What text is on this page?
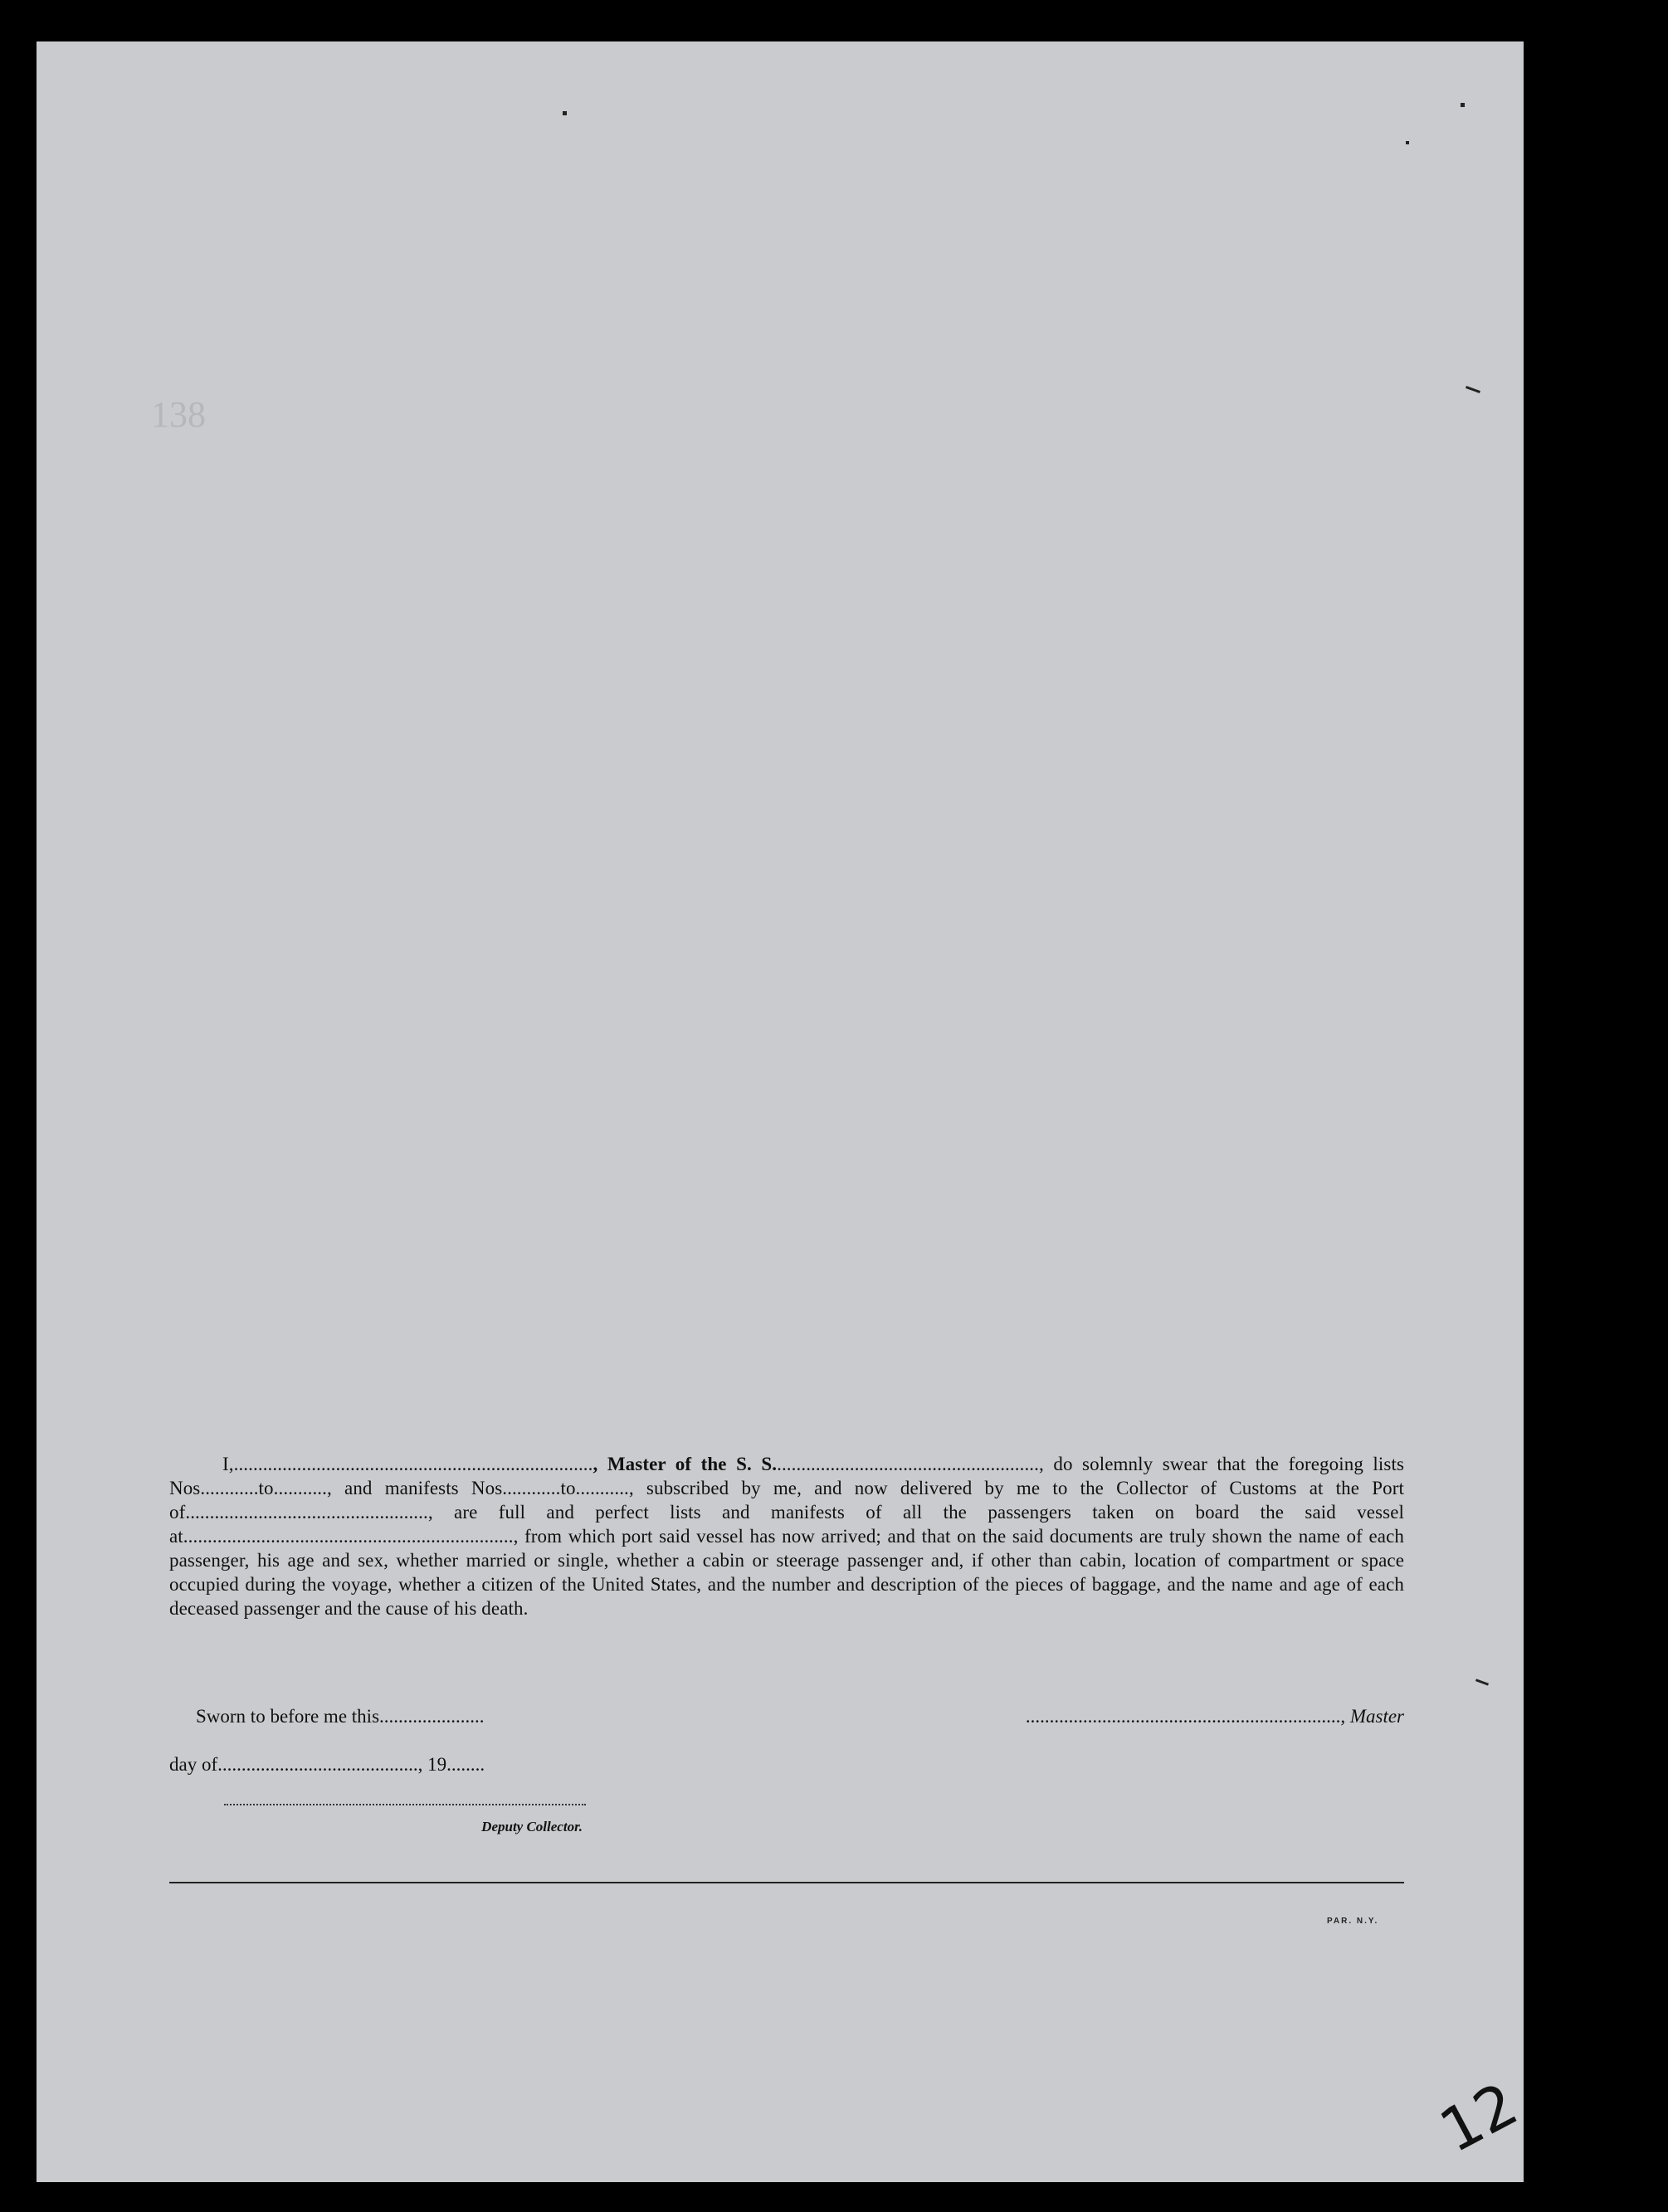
138

I,.........................................................................., Master of the S. S......................................................., do solemnly swear that the foregoing lists Nos............to..........., and manifests Nos............to..........., subscribed by me, and now delivered by me to the Collector of Customs at the Port of.................................................., are full and perfect lists and manifests of all the passengers taken on board the said vessel at...................................................................., from which port said vessel has now arrived; and that on the said documents are truly shown the name of each passenger, his age and sex, whether married or single, whether a cabin or steerage passenger and, if other than cabin, location of compartment or space occupied during the voyage, whether a citizen of the United States, and the number and description of the pieces of baggage, and the name and age of each deceased passenger and the cause of his death.

Sworn to before me this......................	.................................................................., Master
day of.........................................., 19........
Deputy Collector.
PAR. N.Y.
12
